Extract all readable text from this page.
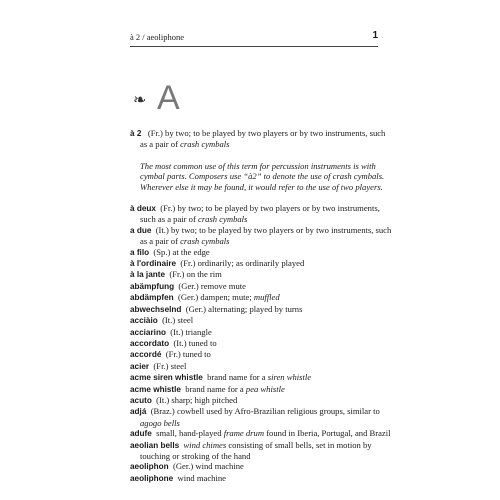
à 2 / aeoliphone	1
❧ A

à 2 (Fr.) by two; to be played by two players or by two instruments, such as a pair of crash cymbals

The most common use of this term for percussion instruments is with cymbal parts. Composers use “à2” to denote the use of crash cymbals. Wherever else it may be found, it would refer to the use of two players.

à deux (Fr.) by two; to be played by two players or by two instruments, such as a pair of crash cymbals

a due (It.) by two; to be played by two players or by two instruments, such as a pair of crash cymbals

a filo (Sp.) at the edge

à l'ordinaire (Fr.) ordinarily; as ordinarily played

à la jante (Fr.) on the rim

abämpfung (Ger.) remove mute

abdämpfen (Ger.) dampen; mute; muffled

abwechselnd (Ger.) alternating; played by turns

acciàio (It.) steel

acciarino (It.) triangle

accordato (It.) tuned to

accordé (Fr.) tuned to

acier (Fr.) steel

acme siren whistle brand name for a siren whistle

acme whistle brand name for a pea whistle

acuto (It.) sharp; high pitched

adjá (Braz.) cowbell used by Afro-Brazilian religious groups, similar to agogo bells

adufe small, hand-played frame drum found in Iberia, Portugal, and Brazil

aeolian bells wind chimes consisting of small bells, set in motion by touching or stroking of the hand

aeoliphon (Ger.) wind machine

aeoliphone wind machine
